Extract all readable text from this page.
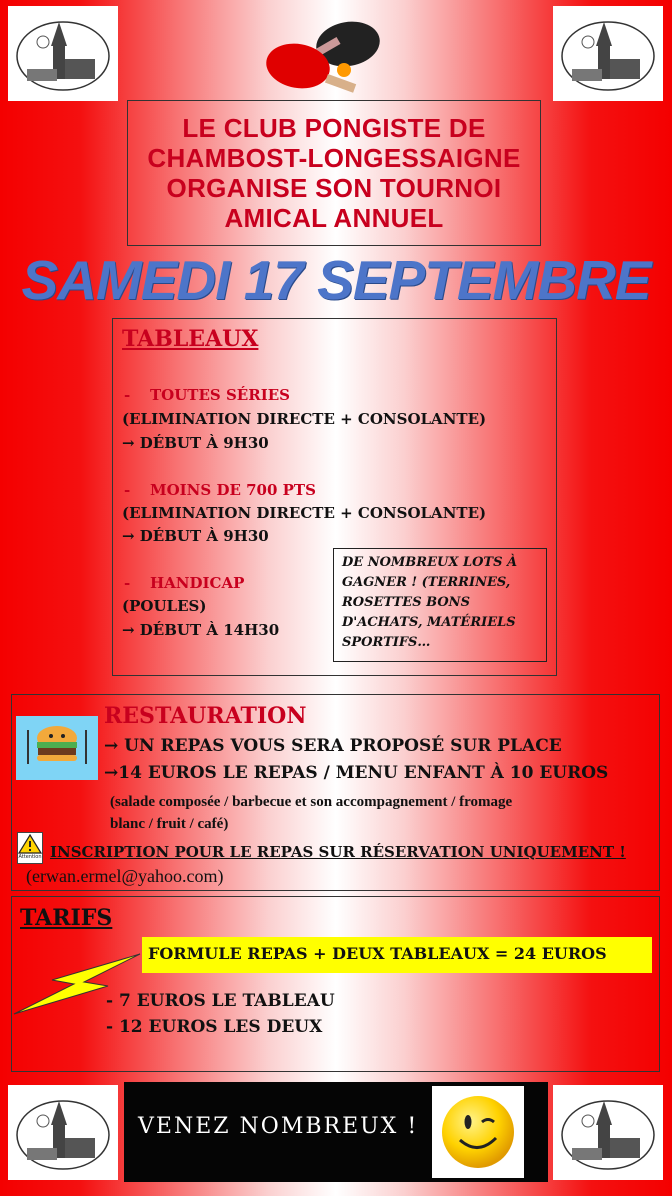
LE CLUB PONGISTE DE
CHAMBOST-LONGESSAIGNE
ORGANISE SON TOURNOI
AMICAL ANNUEL
SAMEDI 17 SEPTEMBRE
TABLEAUX
- TOUTES SÉRIES
(ELIMINATION DIRECTE + CONSOLANTE)
→ DÉBUT À 9H30
- MOINS DE 700 PTS
(ELIMINATION DIRECTE + CONSOLANTE)
→ DÉBUT À 9H30
- HANDICAP
(POULES)
→ DÉBUT À 14H30
DE NOMBREUX LOTS À
GAGNER ! (TERRINES,
ROSETTES BONS
D'ACHATS, MATÉRIELS
SPORTIFS…
RESTAURATION
→ UN REPAS VOUS SERA PROPOSÉ SUR PLACE
→14 EUROS LE REPAS / MENU ENFANT À 10 EUROS
(salade composée / barbecue et son accompagnement / fromage
blanc / fruit / café)
Attention INSCRIPTION POUR LE REPAS SUR RÉSERVATION UNIQUEMENT !
(erwan.ermel@yahoo.com)
TARIFS
FORMULE REPAS + DEUX TABLEAUX = 24 EUROS
- 7 EUROS LE TABLEAU
- 12 EUROS LES DEUX
VENEZ NOMBREUX !
